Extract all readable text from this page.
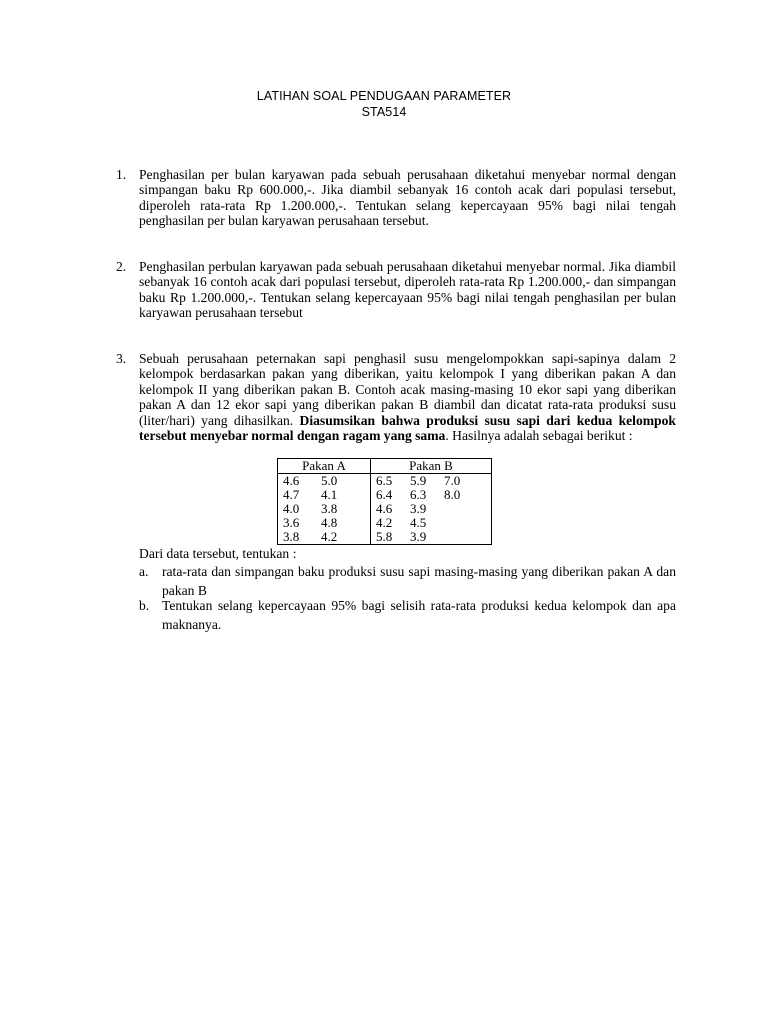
LATIHAN SOAL PENDUGAAN PARAMETER
STA514
1. Penghasilan per bulan karyawan pada sebuah perusahaan diketahui menyebar normal dengan simpangan baku Rp 600.000,-. Jika diambil sebanyak 16 contoh acak dari populasi tersebut, diperoleh rata-rata Rp 1.200.000,-. Tentukan selang kepercayaan 95% bagi nilai tengah penghasilan per bulan karyawan perusahaan tersebut.
2. Penghasilan perbulan karyawan pada sebuah perusahaan diketahui menyebar normal. Jika diambil sebanyak 16 contoh acak dari populasi tersebut, diperoleh rata-rata Rp 1.200.000,- dan simpangan baku Rp 1.200.000,-. Tentukan selang kepercayaan 95% bagi nilai tengah penghasilan per bulan karyawan perusahaan tersebut
3. Sebuah perusahaan peternakan sapi penghasil susu mengelompokkan sapi-sapinya dalam 2 kelompok berdasarkan pakan yang diberikan, yaitu kelompok I yang diberikan pakan A dan kelompok II yang diberikan pakan B. Contoh acak masing-masing 10 ekor sapi yang diberikan pakan A dan 12 ekor sapi yang diberikan pakan B diambil dan dicatat rata-rata produksi susu (liter/hari) yang dihasilkan. Diasumsikan bahwa produksi susu sapi dari kedua kelompok tersebut menyebar normal dengan ragam yang sama. Hasilnya adalah sebagai berikut :
Pakan A	Pakan B
4.6 5.0	6.5 5.9 7.0
4.7 4.1	6.4 6.3 8.0
4.0 3.8	4.6 3.9
3.6 4.8	4.2 4.5
3.8 4.2	5.8 3.9
Dari data tersebut, tentukan :
a. rata-rata dan simpangan baku produksi susu sapi masing-masing yang diberikan pakan A dan pakan B
b. Tentukan selang kepercayaan 95% bagi selisih rata-rata produksi kedua kelompok dan apa maknanya.
